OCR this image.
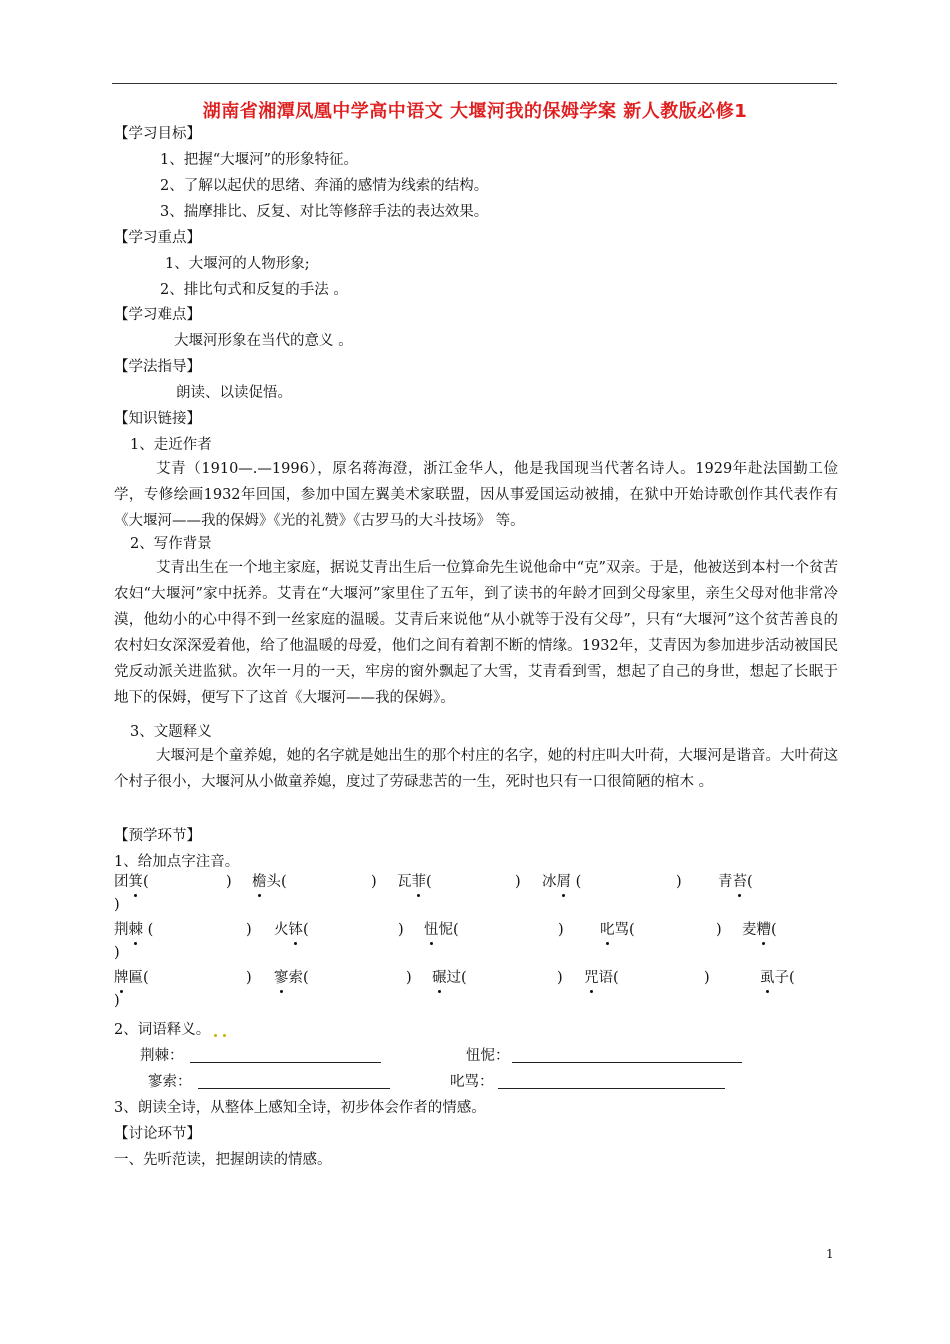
湖南省湘潭凤凰中学高中语文 大堰河我的保姆学案 新人教版必修1
【学习目标】
1、把握“大堰河”的形象特征。
2、了解以起伏的思绪、奔涌的感情为线索的结构。
3、揣摩排比、反复、对比等修辞手法的表达效果。
【学习重点】
1、大堰河的人物形象;
2、排比句式和反复的手法 。
【学习难点】
大堰河形象在当代的意义 。
【学法指导】
朗读、以读促悟。
【知识链接】
1、走近作者
艾青（1910—.—1996），原名蒋海澄，浙江金华人，他是我国现当代著名诗人。1929年赴法国勤工俭学，专修绘画1932年回国，参加中国左翼美术家联盟，因从事爱国运动被捕，在狱中开始诗歌创作其代表作有《大堰河——我的保姆》《光的礼赞》《古罗马的大斗技场》 等。
2、写作背景
艾青出生在一个地主家庭，据说艾青出生后一位算命先生说他命中“克”双亲。于是，他被送到本村一个贫苦农妇“大堰河”家中抚养。艾青在“大堰河”家里住了五年，到了读书的年龄才回到父母家里，亲生父母对他非常冷漠，他幼小的心中得不到一丝家庭的温暖。艾青后来说他“从小就等于没有父母”，只有“大堰河”这个贫苦善良的农村妇女深深爱着他，给了他温暖的母爱，他们之间有着割不断的情缘。1932年，艾青因为参加进步活动被国民党反动派关进监狱。次年一月的一天，牢房的窗外飘起了大雪，艾青看到雪，想起了自己的身世，想起了长眠于地下的保姆，便写下了这首《大堰河——我的保姆》。
3、文题释义
大堰河是个童养媳，她的名字就是她出生的那个村庄的名字，她的村庄叫大叶荷，大堰河是谐音。大叶荷这个村子很小，大堰河从小做童养媳，度过了劳碌悲苦的一生，死时也只有一口很简陋的棺木 。
【预学环节】
1、给加点字注音。
团箕(	) 檐头(	) 瓦菲(	) 冰屑 (	)	青苔(
)
荆棘 (	) 火钵(	) 忸怩(	)	叱骂(	) 麦糟(
)
牌匾(	) 寥索(	) 碾过(	) 咒语(	)	虱子(
)
2、词语释义。
荆棘：	忸怩：
寥索：	叱骂：
3、朗读全诗，从整体上感知全诗，初步体会作者的情感。
【讨论环节】
一、先听范读，把握朗读的情感。
1
